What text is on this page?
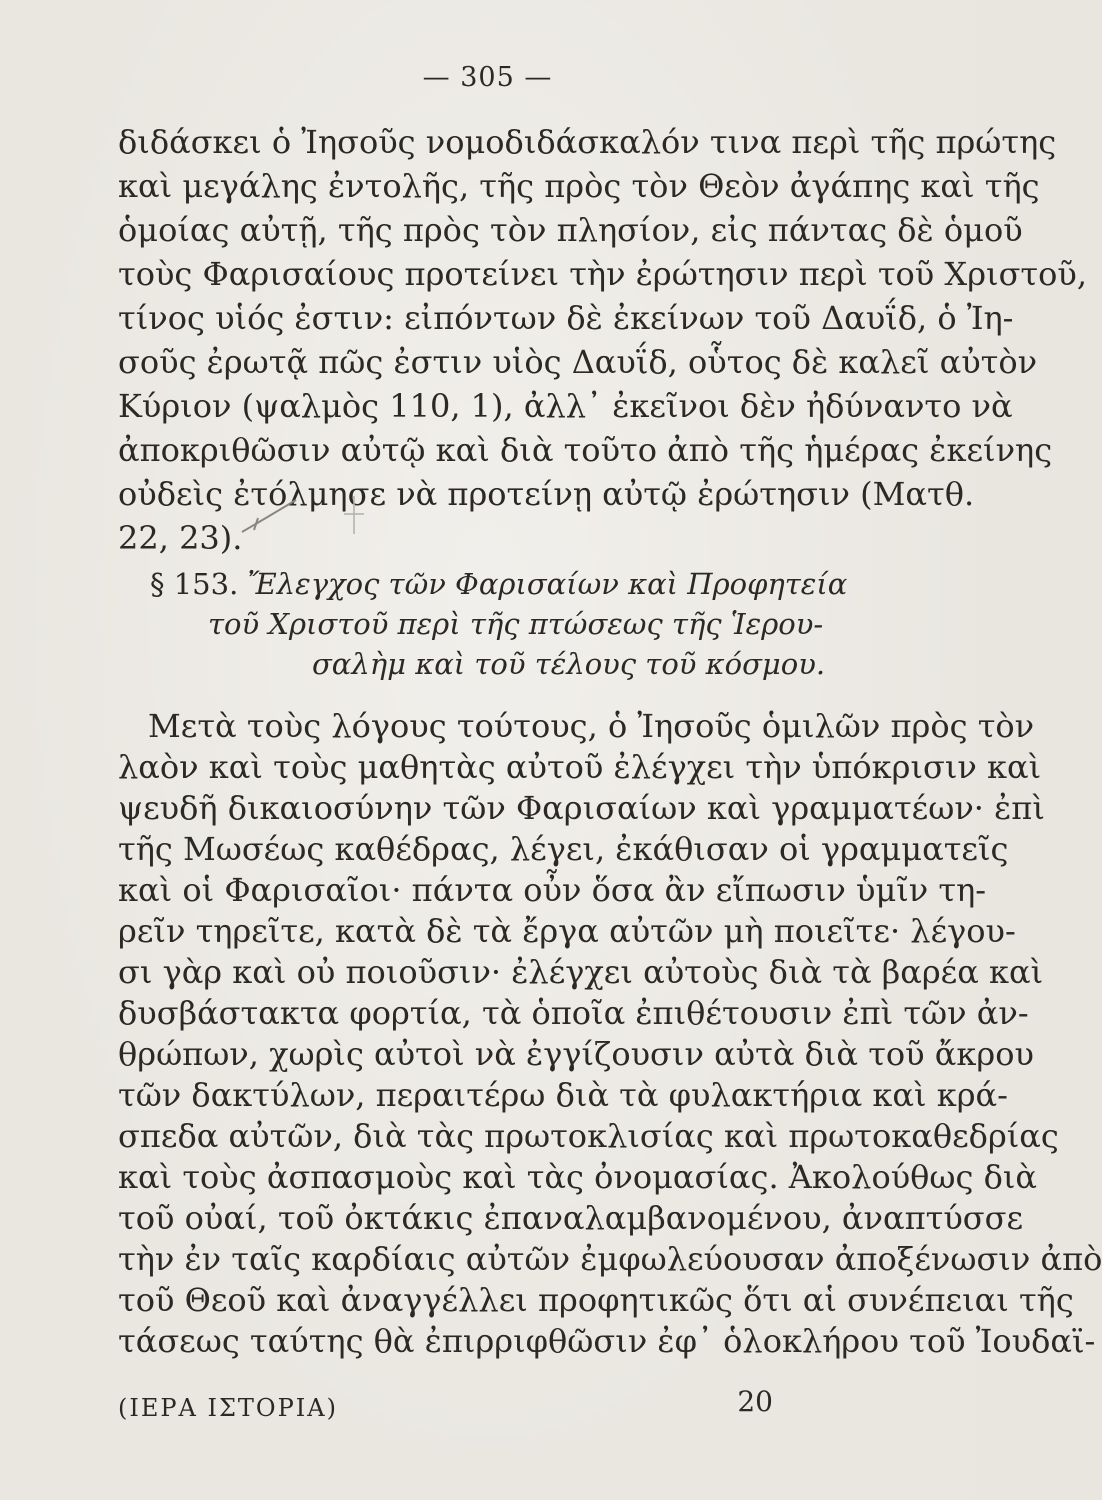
— 305 —
διδάσκει ὁ Ἰησοῦς νομοδιδάσκαλόν τινα περὶ τῆς πρώτης
καὶ μεγάλης ἐντολῆς, τῆς πρὸς τὸν Θεὸν ἀγάπης καὶ τῆς
ὁμοίας αὐτῇ, τῆς πρὸς τὸν πλησίον, εἰς πάντας δὲ ὁμοῦ
τοὺς Φαρισαίους προτείνει τὴν ἐρώτησιν περὶ τοῦ Χριστοῦ,
τίνος υἱός ἐστιν: εἰπόντων δὲ ἐκείνων τοῦ Δαυΐδ, ὁ Ἰη-
σοῦς ἐρωτᾷ πῶς ἐστιν υἱὸς Δαυΐδ, οὗτος δὲ καλεῖ αὐτὸν
Κύριον (ψαλμὸς 110, 1), ἀλλ᾽ ἐκεῖνοι δὲν ἠδύναντο νὰ
ἀποκριθῶσιν αὐτῷ καὶ διὰ τοῦτο ἀπὸ τῆς ἡμέρας ἐκείνης
οὐδεὶς ἐτόλμησε νὰ προτείνῃ αὐτῷ ἐρώτησιν (Ματθ.
22, 23).
§ 153. Ἔλεγχος τῶν Φαρισαίων καὶ Προφητεία
τοῦ Χριστοῦ περὶ τῆς πτώσεως τῆς Ἱερου-
σαλὴμ καὶ τοῦ τέλους τοῦ κόσμου.
Μετὰ τοὺς λόγους τούτους, ὁ Ἰησοῦς ὁμιλῶν πρὸς τὸν
λαὸν καὶ τοὺς μαθητὰς αὐτοῦ ἐλέγχει τὴν ὑπόκρισιν καὶ
ψευδῆ δικαιοσύνην τῶν Φαρισαίων καὶ γραμματέων· ἐπὶ
τῆς Μωσέως καθέδρας, λέγει, ἐκάθισαν οἱ γραμματεῖς
καὶ οἱ Φαρισαῖοι· πάντα οὖν ὅσα ἂν εἴπωσιν ὑμῖν τη-
ρεῖν τηρεῖτε, κατὰ δὲ τὰ ἔργα αὐτῶν μὴ ποιεῖτε· λέγου-
σι γὰρ καὶ οὐ ποιοῦσιν· ἐλέγχει αὐτοὺς διὰ τὰ βαρέα καὶ
δυσβάστακτα φορτία, τὰ ὁποῖα ἐπιθέτουσιν ἐπὶ τῶν ἀν-
θρώπων, χωρὶς αὐτοὶ νὰ ἐγγίζουσιν αὐτὰ διὰ τοῦ ἄκρου
τῶν δακτύλων, περαιτέρω διὰ τὰ φυλακτήρια καὶ κρά-
σπεδα αὐτῶν, διὰ τὰς πρωτοκλισίας καὶ πρωτοκαθεδρίας
καὶ τοὺς ἀσπασμοὺς καὶ τὰς ὀνομασίας. Ἀκολούθως διὰ
τοῦ οὐαί, τοῦ ὀκτάκις ἐπαναλαμβανομένου, ἀναπτύσσε
τὴν ἐν ταῖς καρδίαις αὐτῶν ἐμφωλεύουσαν ἀποξένωσιν ἀπὸ
τοῦ Θεοῦ καὶ ἀναγγέλλει προφητικῶς ὅτι αἱ συνέπειαι τῆς
τάσεως ταύτης θὰ ἐπιρριφθῶσιν ἐφ᾽ ὁλοκλήρου τοῦ Ἰουδαϊ-
(ΙΕΡΑ ΙΣΤΟΡΙΑ)	20
